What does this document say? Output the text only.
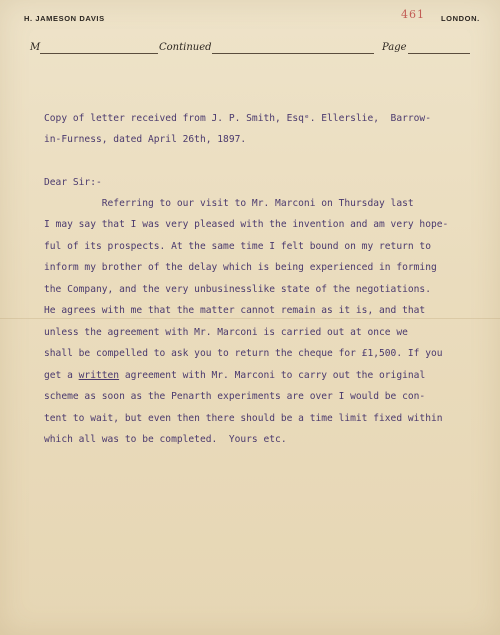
H. JAMESON DAVIS	LONDON.
461
M	Continued	Page
Copy of letter received from J. P. Smith, Esqᵉ. Ellerslie,  Barrow-
in-Furness, dated April 26th, 1897.
Dear Sir:-
Referring to our visit to Mr. Marconi on Thursday last
I may say that I was very pleased with the invention and am very hope-
ful of its prospects. At the same time I felt bound on my return to
inform my brother of the delay which is being experienced in forming
the Company, and the very unbusinesslike state of the negotiations.
He agrees with me that the matter cannot remain as it is, and that
unless the agreement with Mr. Marconi is carried out at once we
shall be compelled to ask you to return the cheque for £1,500. If you
get a written agreement with Mr. Marconi to carry out the original
scheme as soon as the Penarth experiments are over I would be con-
tent to wait, but even then there should be a time limit fixed within
which all was to be completed.  Yours etc.
